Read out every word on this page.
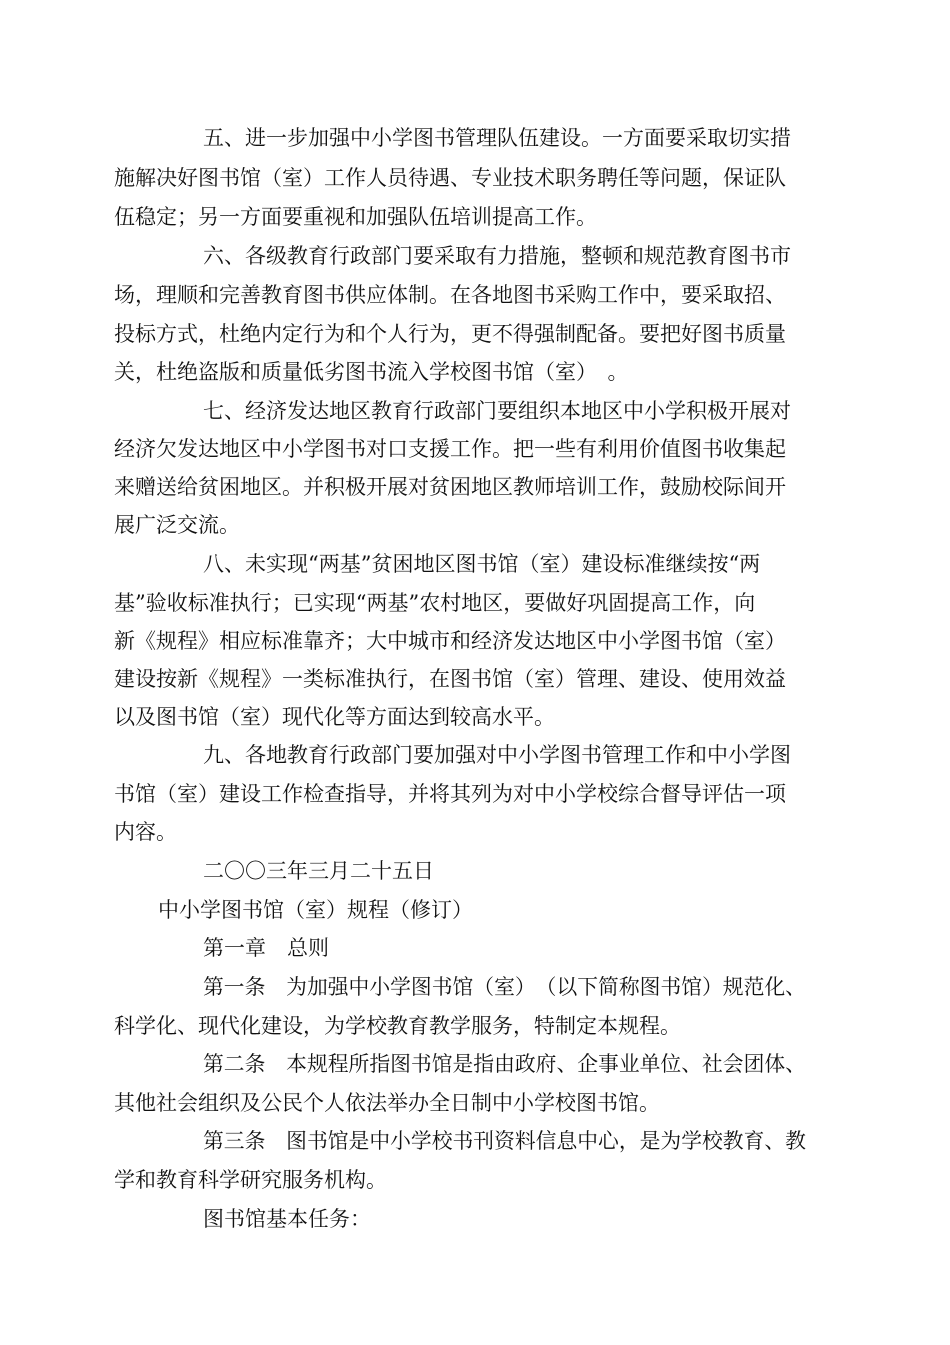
五、进一步加强中小学图书管理队伍建设。一方面要采取切实措
施解决好图书馆（室）工作人员待遇、专业技术职务聘任等问题，保证队
伍稳定；另一方面要重视和加强队伍培训提高工作。
六、各级教育行政部门要采取有力措施，整顿和规范教育图书市
场，理顺和完善教育图书供应体制。在各地图书采购工作中，要采取招、
投标方式，杜绝内定行为和个人行为，更不得强制配备。要把好图书质量
关，杜绝盗版和质量低劣图书流入学校图书馆（室）　。
七、经济发达地区教育行政部门要组织本地区中小学积极开展对
经济欠发达地区中小学图书对口支援工作。把一些有利用价值图书收集起
来赠送给贫困地区。并积极开展对贫困地区教师培训工作，鼓励校际间开
展广泛交流。
八、未实现“两基”贫困地区图书馆（室）建设标准继续按“两
基”验收标准执行；已实现“两基”农村地区，要做好巩固提高工作，向
新《规程》相应标准靠齐；大中城市和经济发达地区中小学图书馆（室）
建设按新《规程》一类标准执行，在图书馆（室）管理、建设、使用效益
以及图书馆（室）现代化等方面达到较高水平。
九、各地教育行政部门要加强对中小学图书管理工作和中小学图
书馆（室）建设工作检查指导，并将其列为对中小学校综合督导评估一项
内容。
二〇〇三年三月二十五日
中小学图书馆（室）规程（修订）
第一章　总则
第一条　为加强中小学图书馆（室）　（以下简称图书馆）规范化、
科学化、现代化建设，为学校教育教学服务，特制定本规程。
第二条　本规程所指图书馆是指由政府、企事业单位、社会团体、
其他社会组织及公民个人依法举办全日制中小学校图书馆。
第三条　图书馆是中小学校书刊资料信息中心，是为学校教育、教
学和教育科学研究服务机构。
图书馆基本任务：
